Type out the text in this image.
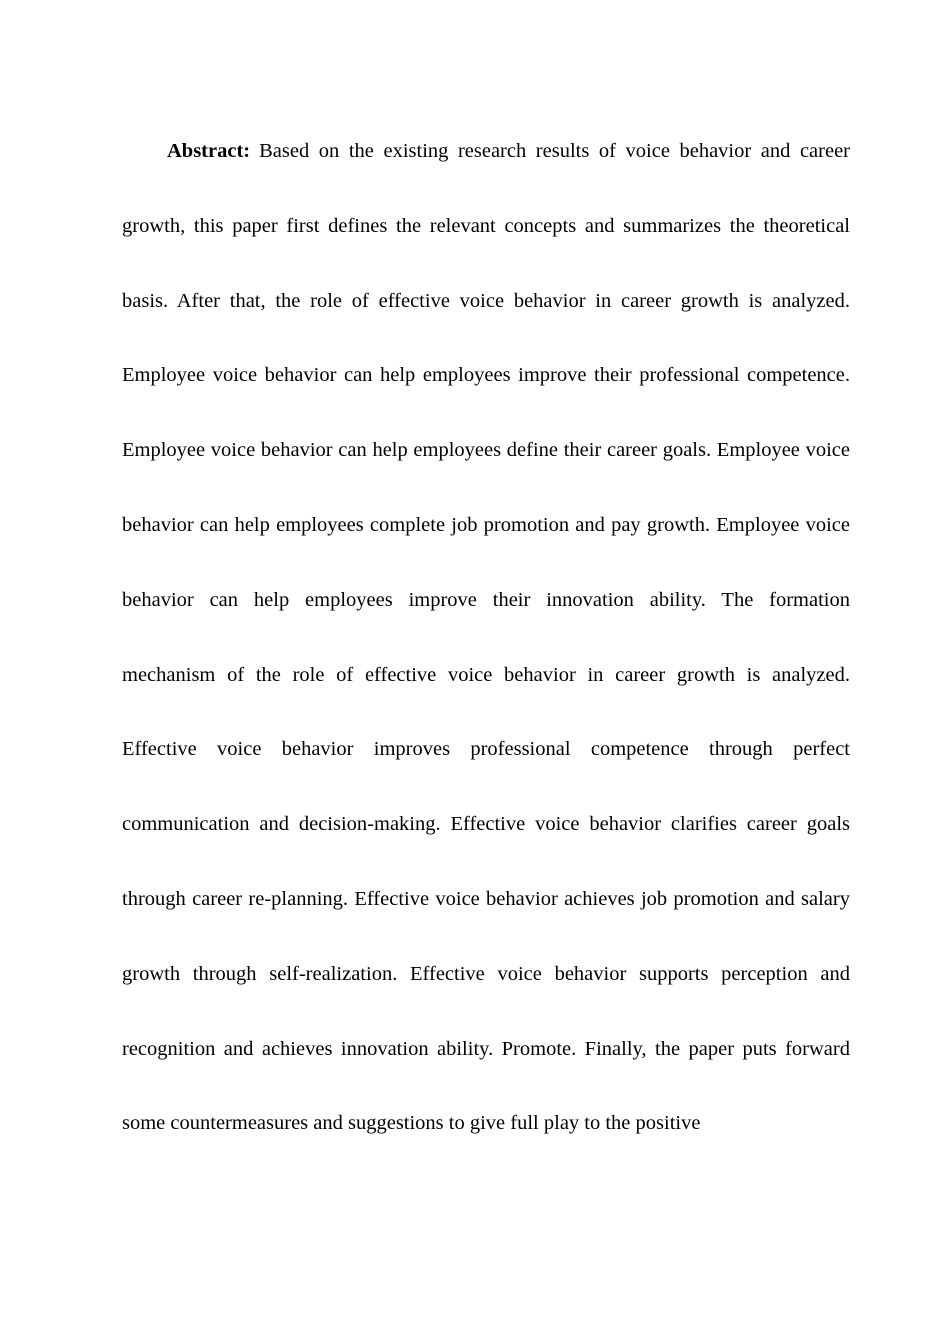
Abstract: Based on the existing research results of voice behavior and career growth, this paper first defines the relevant concepts and summarizes the theoretical basis. After that, the role of effective voice behavior in career growth is analyzed. Employee voice behavior can help employees improve their professional competence. Employee voice behavior can help employees define their career goals. Employee voice behavior can help employees complete job promotion and pay growth. Employee voice behavior can help employees improve their innovation ability. The formation mechanism of the role of effective voice behavior in career growth is analyzed. Effective voice behavior improves professional competence through perfect communication and decision-making. Effective voice behavior clarifies career goals through career re-planning. Effective voice behavior achieves job promotion and salary growth through self-realization. Effective voice behavior supports perception and recognition and achieves innovation ability. Promote. Finally, the paper puts forward some countermeasures and suggestions to give full play to the positive
